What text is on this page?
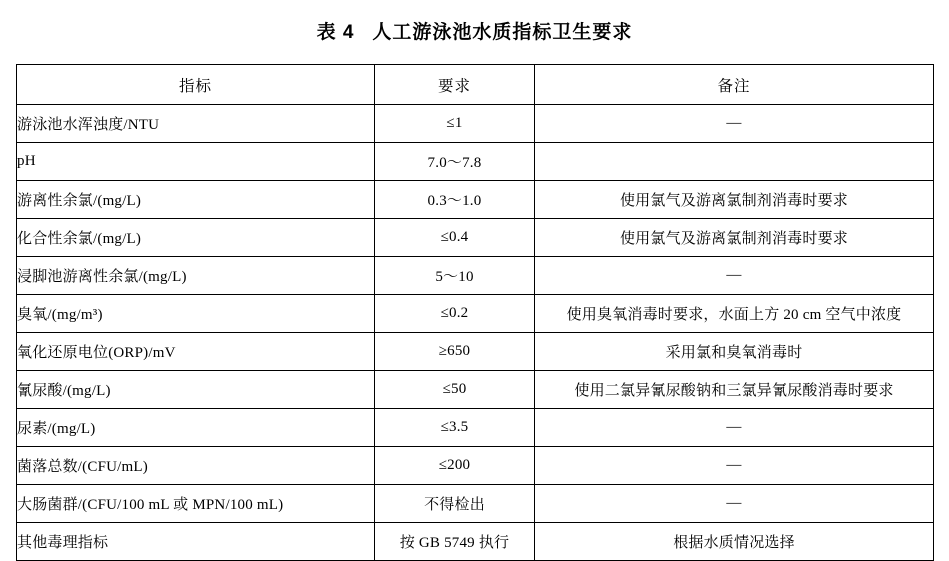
表 4 人工游泳池水质指标卫生要求
指标	要求	备注
游泳池水浑浊度/NTU	≤1	—
pH	7.0～7.8	
游离性余氯/(mg/L)	0.3～1.0	使用氯气及游离氯制剂消毒时要求
化合性余氯/(mg/L)	≤0.4	使用氯气及游离氯制剂消毒时要求
浸脚池游离性余氯/(mg/L)	5～10	—
臭氧/(mg/m³)	≤0.2	使用臭氧消毒时要求，水面上方 20 cm 空气中浓度
氧化还原电位(ORP)/mV	≥650	采用氯和臭氧消毒时
氰尿酸/(mg/L)	≤50	使用二氯异氰尿酸钠和三氯异氰尿酸消毒时要求
尿素/(mg/L)	≤3.5	—
菌落总数/(CFU/mL)	≤200	—
大肠菌群/(CFU/100 mL 或 MPN/100 mL)	不得检出	—
其他毒理指标	按 GB 5749 执行	根据水质情况选择
